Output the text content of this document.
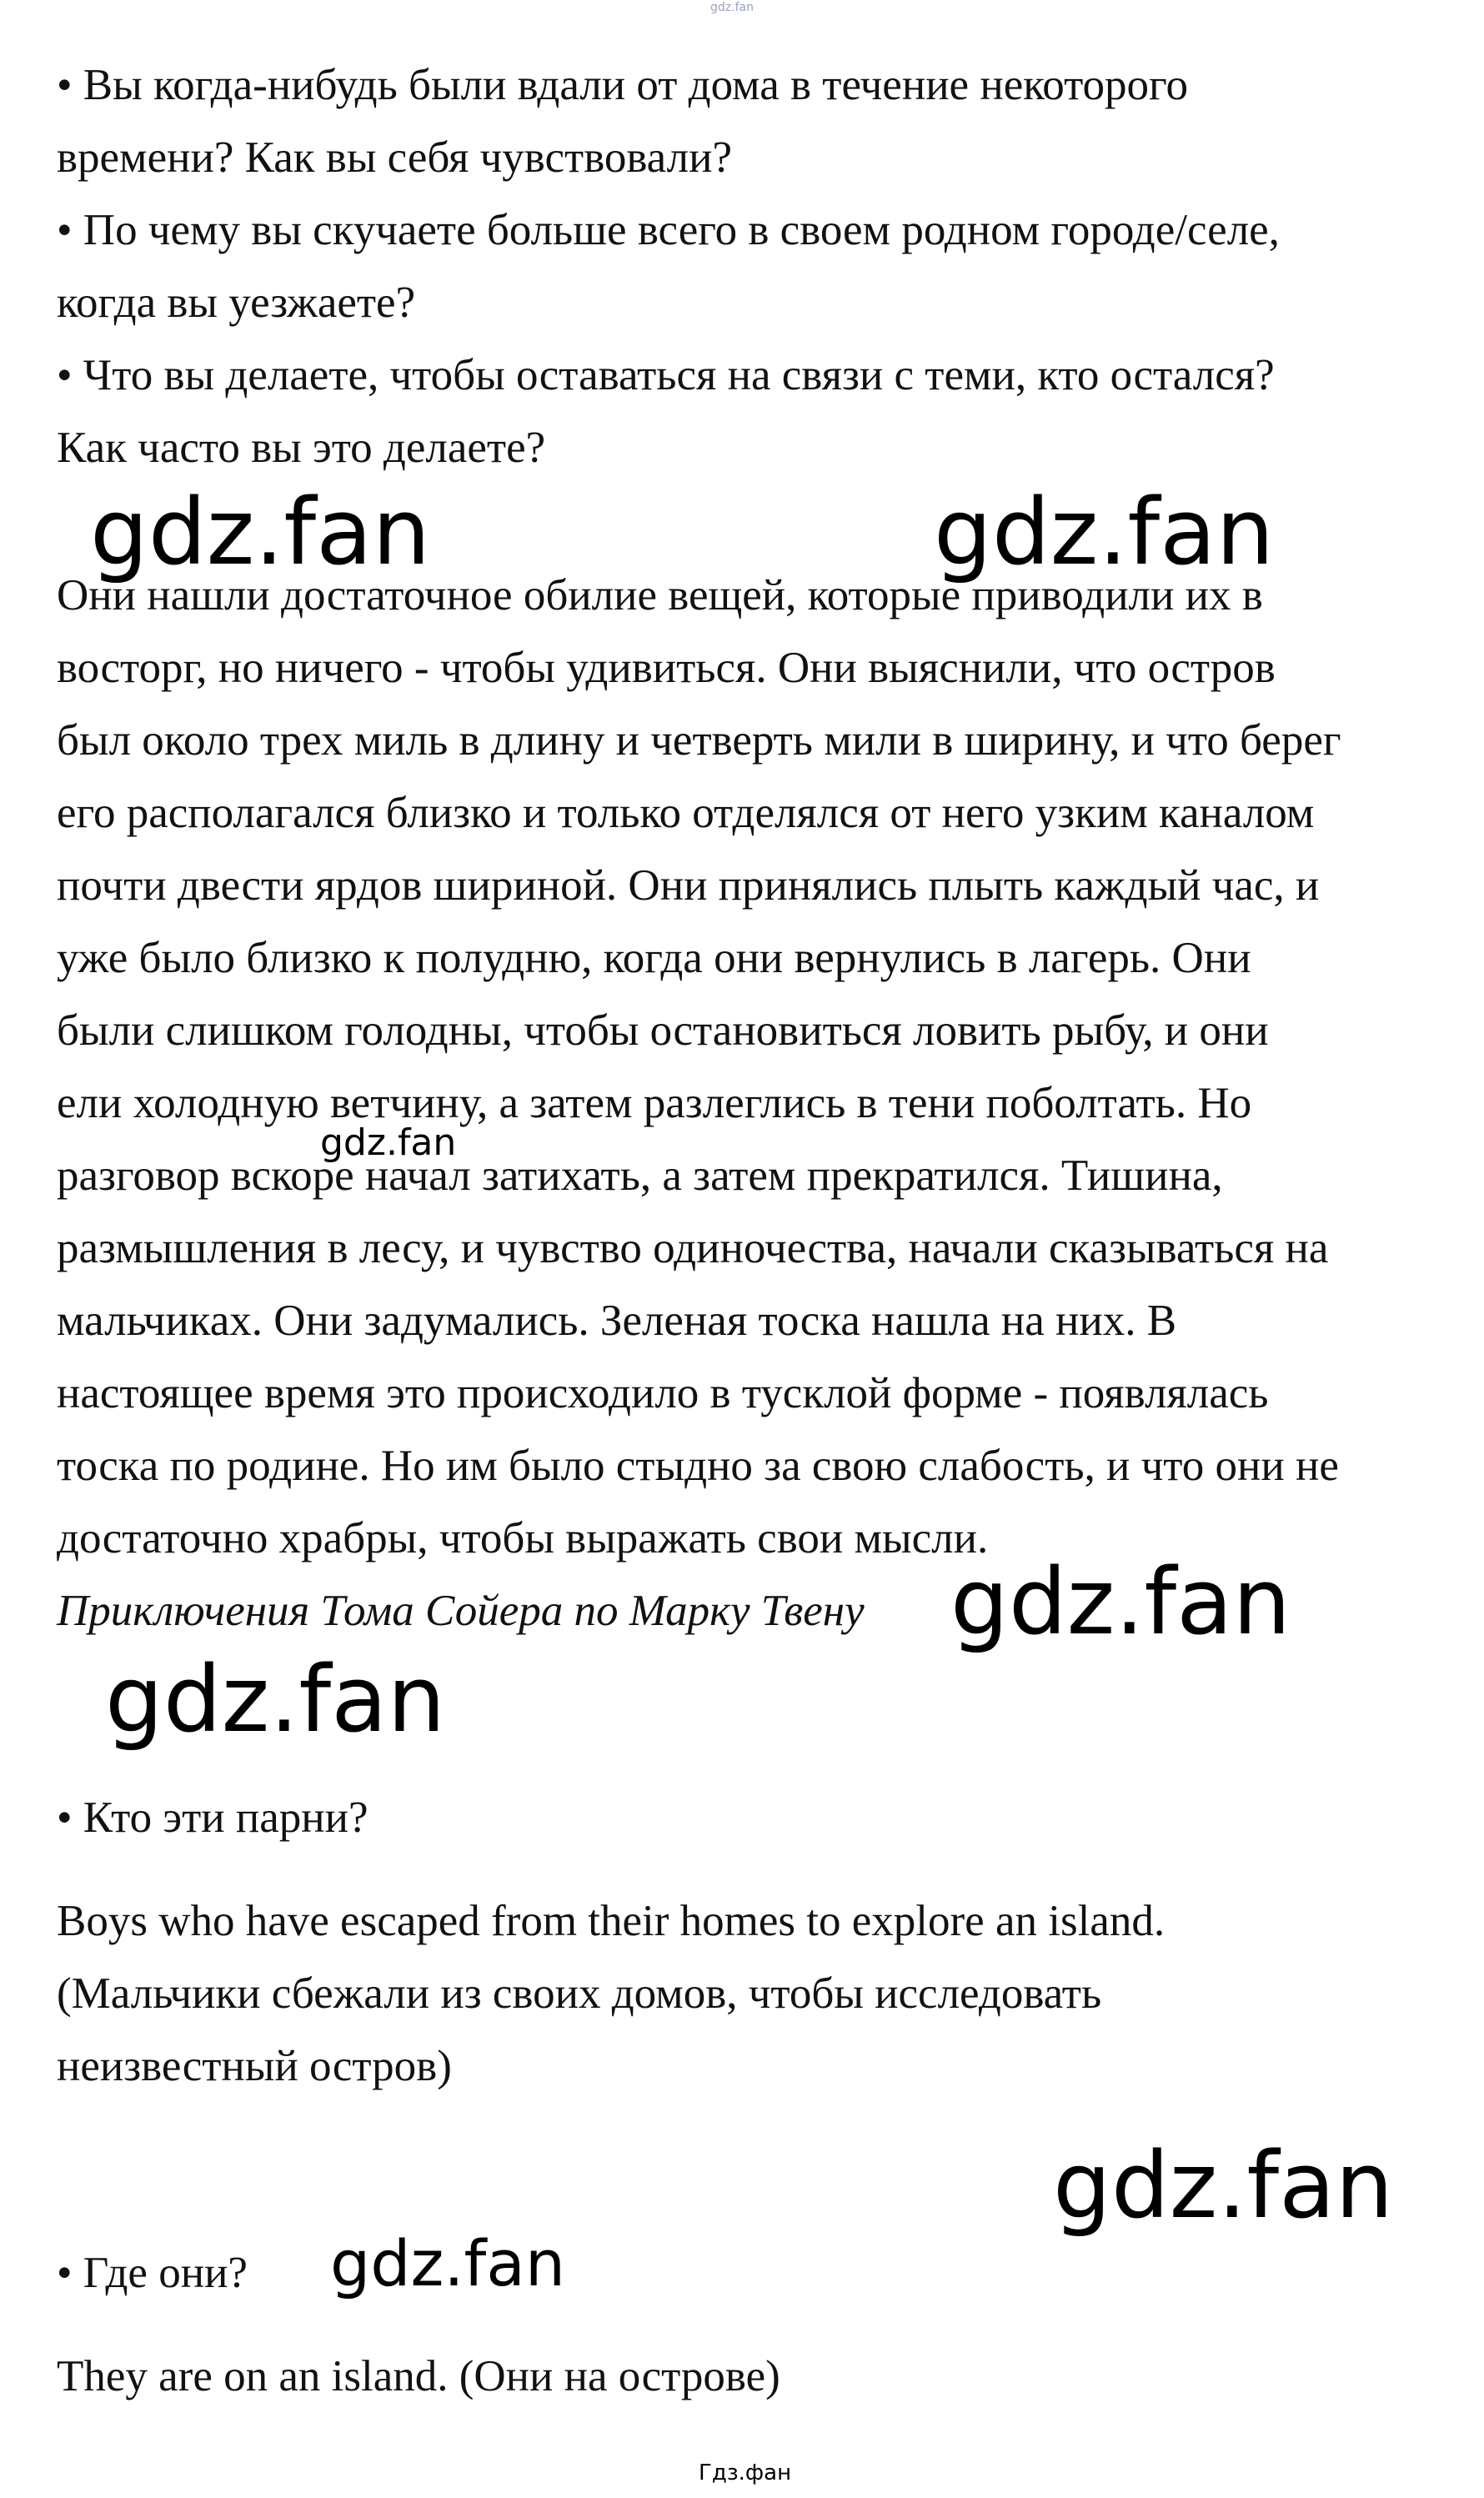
gdz.fan

• Вы когда-нибудь были вдали от дома в течение некоторого

времени? Как вы себя чувствовали?

• По чему вы скучаете больше всего в своем родном городе/селе,

когда вы уезжаете?

• Что вы делаете, чтобы оставаться на связи с теми, кто остался?

Как часто вы это делаете?

gdz.fan	gdz.fan

Они нашли достаточное обилие вещей, которые приводили их в

восторг, но ничего - чтобы удивиться. Они выяснили, что остров

был около трех миль в длину и четверть мили в ширину, и что берег

его располагался близко и только отделялся от него узким каналом

почти двести ярдов шириной. Они принялись плыть каждый час, и

уже было близко к полудню, когда они вернулись в лагерь. Они

были слишком голодны, чтобы остановиться ловить рыбу, и они

ели холодную ветчину, а затем разлеглись в тени поболтать. Но

разговор вскоре начал затихать, а затем прекратился. Тишина,

размышления в лесу, и чувство одиночества, начали сказываться на

мальчиках. Они задумались. Зеленая тоска нашла на них. В

настоящее время это происходило в тусклой форме - появлялась

тоска по родине. Но им было стыдно за свою слабость, и что они не

достаточно храбры, чтобы выражать свои мысли.

gdz.fan

Приключения Тома Сойера по Марку Твену gdz.fan
gdz.fan

• Кто эти парни?

Boys who have escaped from their homes to explore an island.

(Мальчики сбежали из своих домов, чтобы исследовать

неизвестный остров)

gdz.fan

• Где они?

They are on an island. (Они на острове)

gdz.fan
Гдз.фан
